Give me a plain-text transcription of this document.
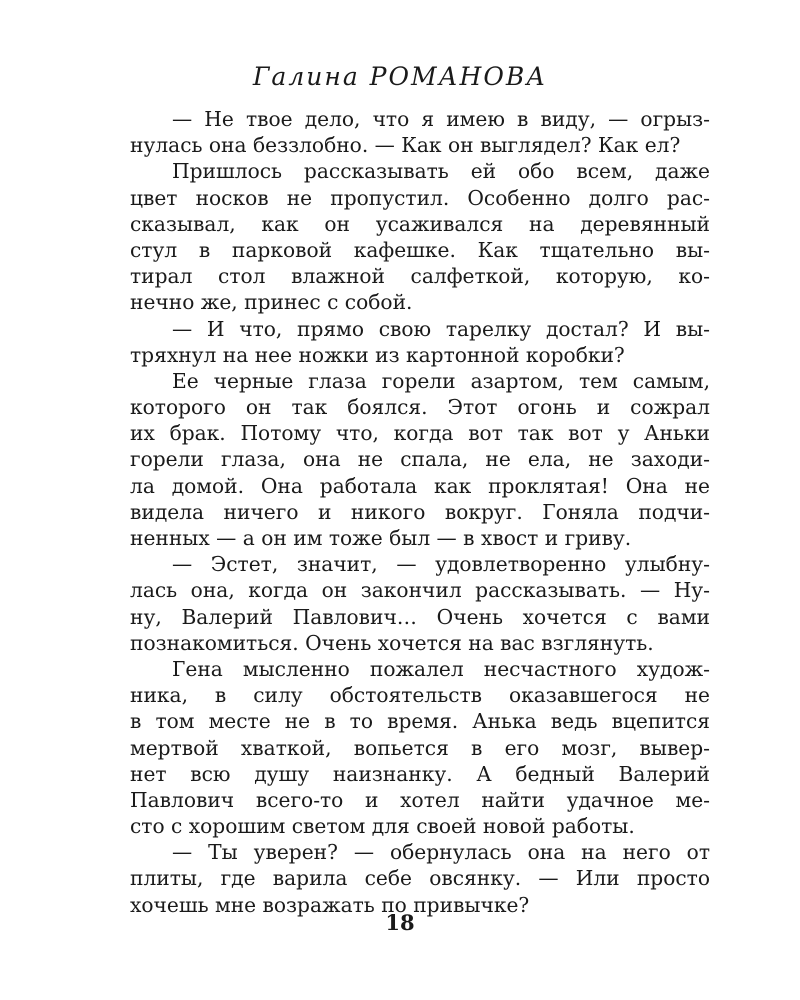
Галина РОМАНОВА
— Не твое дело, что я имею в виду, — огрыз-
нулась она беззлобно. — Как он выглядел? Как ел?
Пришлось рассказывать ей обо всем, даже
цвет носков не пропустил. Особенно долго рас-
сказывал, как он усаживался на деревянный
стул в парковой кафешке. Как тщательно вы-
тирал стол влажной салфеткой, которую, ко-
нечно же, принес с собой.
— И что, прямо свою тарелку достал? И вы-
тряхнул на нее ножки из картонной коробки?
Ее черные глаза горели азартом, тем самым,
которого он так боялся. Этот огонь и сожрал
их брак. Потому что, когда вот так вот у Аньки
горели глаза, она не спала, не ела, не заходи-
ла домой. Она работала как проклятая! Она не
видела ничего и никого вокруг. Гоняла подчи-
ненных — а он им тоже был — в хвост и гриву.
— Эстет, значит, — удовлетворенно улыбну-
лась она, когда он закончил рассказывать. — Ну-
ну, Валерий Павлович… Очень хочется с вами
познакомиться. Очень хочется на вас взглянуть.
Гена мысленно пожалел несчастного худож-
ника, в силу обстоятельств оказавшегося не
в том месте не в то время. Анька ведь вцепится
мертвой хваткой, вопьется в его мозг, вывер-
нет всю душу наизнанку. А бедный Валерий
Павлович всего-то и хотел найти удачное ме-
сто с хорошим светом для своей новой работы.
— Ты уверен? — обернулась она на него от
плиты, где варила себе овсянку. — Или просто
хочешь мне возражать по привычке?
18
